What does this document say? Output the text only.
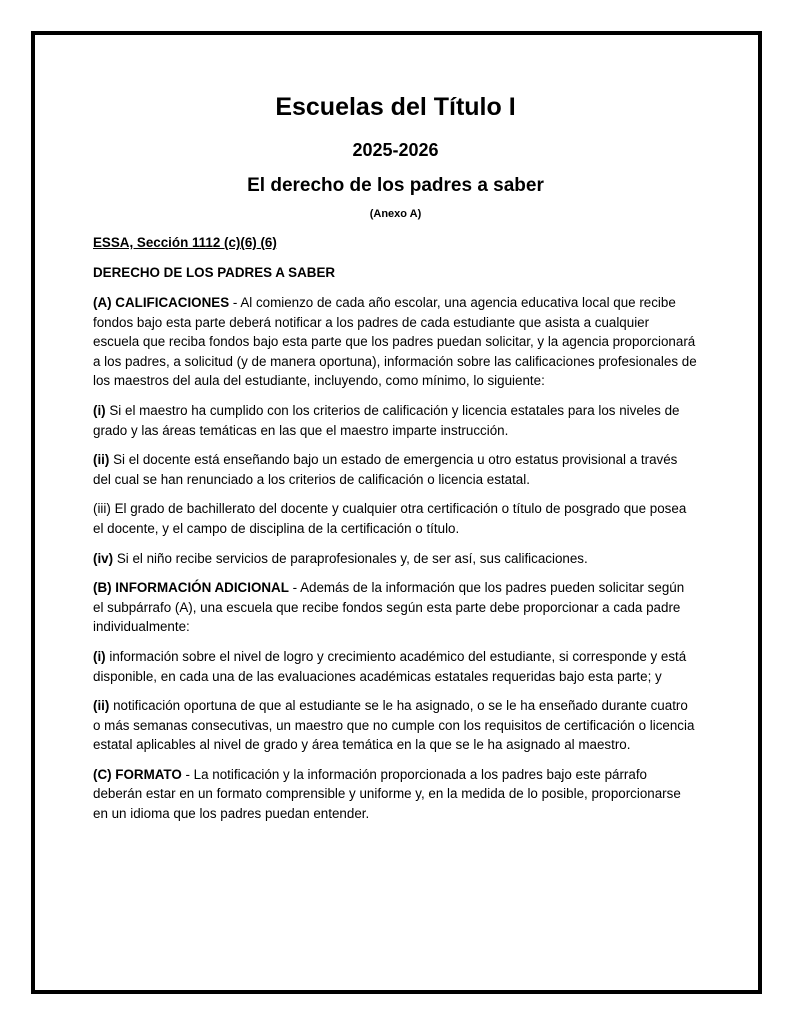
Escuelas del Título I
2025-2026
El derecho de los padres a saber
(Anexo A)
ESSA, Sección 1112 (c)(6) (6)
DERECHO DE LOS PADRES A SABER
(A) CALIFICACIONES - Al comienzo de cada año escolar, una agencia educativa local que recibe fondos bajo esta parte deberá notificar a los padres de cada estudiante que asista a cualquier escuela que reciba fondos bajo esta parte que los padres puedan solicitar, y la agencia proporcionará a los padres, a solicitud (y de manera oportuna), información sobre las calificaciones profesionales de los maestros del aula del estudiante, incluyendo, como mínimo, lo siguiente:
(i) Si el maestro ha cumplido con los criterios de calificación y licencia estatales para los niveles de grado y las áreas temáticas en las que el maestro imparte instrucción.
(ii) Si el docente está enseñando bajo un estado de emergencia u otro estatus provisional a través del cual se han renunciado a los criterios de calificación o licencia estatal.
(iii) El grado de bachillerato del docente y cualquier otra certificación o título de posgrado que posea el docente, y el campo de disciplina de la certificación o título.
(iv) Si el niño recibe servicios de paraprofesionales y, de ser así, sus calificaciones.
(B) INFORMACIÓN ADICIONAL - Además de la información que los padres pueden solicitar según el subpárrafo (A), una escuela que recibe fondos según esta parte debe proporcionar a cada padre individualmente:
(i) información sobre el nivel de logro y crecimiento académico del estudiante, si corresponde y está disponible, en cada una de las evaluaciones académicas estatales requeridas bajo esta parte; y
(ii) notificación oportuna de que al estudiante se le ha asignado, o se le ha enseñado durante cuatro o más semanas consecutivas, un maestro que no cumple con los requisitos de certificación o licencia estatal aplicables al nivel de grado y área temática en la que se le ha asignado al maestro.
(C) FORMATO - La notificación y la información proporcionada a los padres bajo este párrafo deberán estar en un formato comprensible y uniforme y, en la medida de lo posible, proporcionarse en un idioma que los padres puedan entender.
